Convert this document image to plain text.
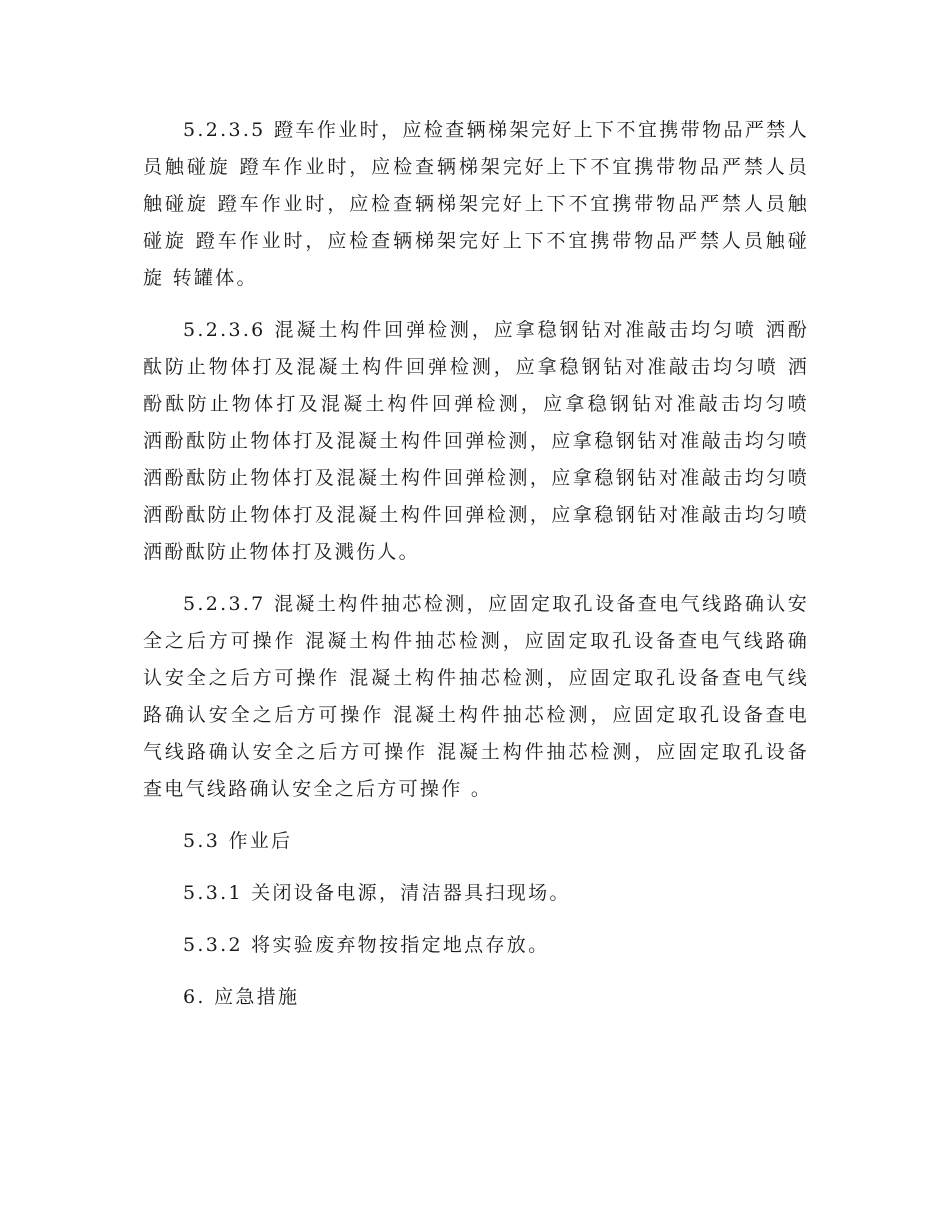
5.2.3.5 蹬车作业时，应检查辆梯架完好上下不宜携带物品严禁人员触碰旋 蹬车作业时，应检查辆梯架完好上下不宜携带物品严禁人员触碰旋 蹬车作业时，应检查辆梯架完好上下不宜携带物品严禁人员触碰旋 蹬车作业时，应检查辆梯架完好上下不宜携带物品严禁人员触碰旋 转罐体。

5.2.3.6 混凝土构件回弹检测，应拿稳钢钻对准敲击均匀喷 洒酚酞防止物体打及混凝土构件回弹检测，应拿稳钢钻对准敲击均匀喷 洒酚酞防止物体打及混凝土构件回弹检测，应拿稳钢钻对准敲击均匀喷 洒酚酞防止物体打及混凝土构件回弹检测，应拿稳钢钻对准敲击均匀喷 洒酚酞防止物体打及混凝土构件回弹检测，应拿稳钢钻对准敲击均匀喷 洒酚酞防止物体打及混凝土构件回弹检测，应拿稳钢钻对准敲击均匀喷 洒酚酞防止物体打及溅伤人。

5.2.3.7 混凝土构件抽芯检测，应固定取孔设备查电气线路确认安全之后方可操作 混凝土构件抽芯检测，应固定取孔设备查电气线路确认安全之后方可操作 混凝土构件抽芯检测，应固定取孔设备查电气线路确认安全之后方可操作 混凝土构件抽芯检测，应固定取孔设备查电气线路确认安全之后方可操作 混凝土构件抽芯检测，应固定取孔设备查电气线路确认安全之后方可操作 。

5.3 作业后

5.3.1 关闭设备电源，清洁器具扫现场。

5.3.2 将实验废弃物按指定地点存放。

6. 应急措施
